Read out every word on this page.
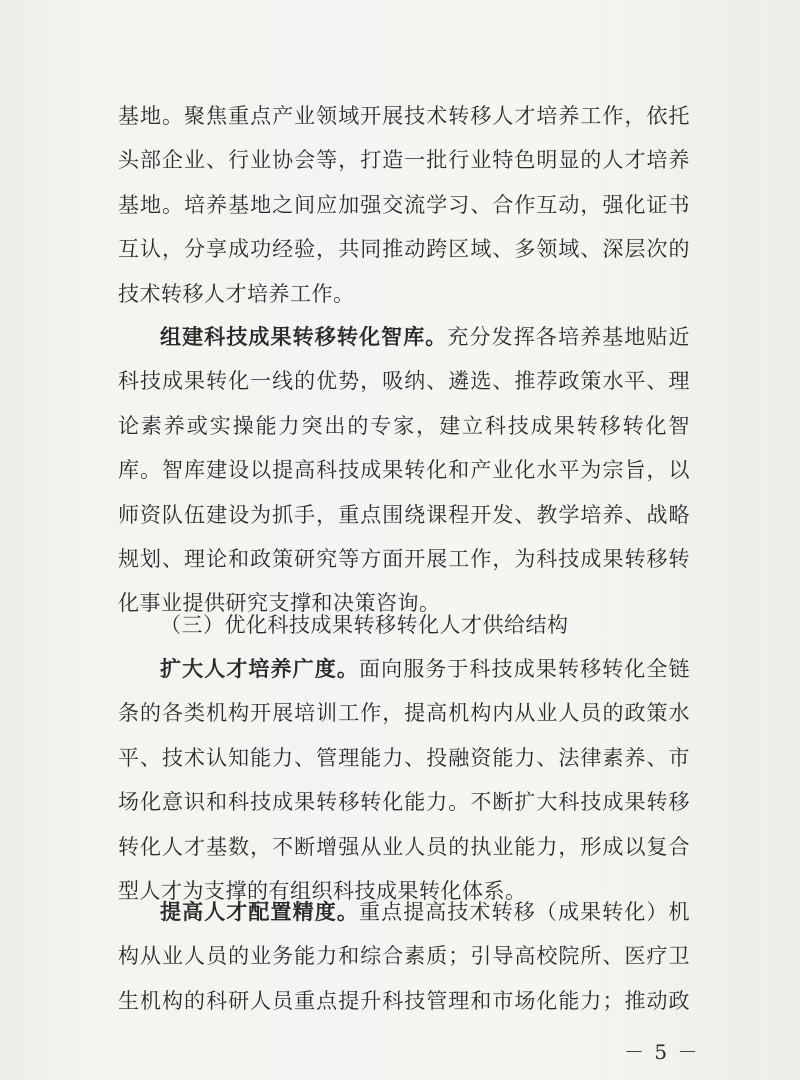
基地。聚焦重点产业领域开展技术转移人才培养工作，依托
头部企业、行业协会等，打造一批行业特色明显的人才培养
基地。培养基地之间应加强交流学习、合作互动，强化证书
互认，分享成功经验，共同推动跨区域、多领域、深层次的
技术转移人才培养工作。
组建科技成果转移转化智库。充分发挥各培养基地贴近
科技成果转化一线的优势，吸纳、遴选、推荐政策水平、理
论素养或实操能力突出的专家，建立科技成果转移转化智
库。智库建设以提高科技成果转化和产业化水平为宗旨，以
师资队伍建设为抓手，重点围绕课程开发、教学培养、战略
规划、理论和政策研究等方面开展工作，为科技成果转移转
化事业提供研究支撑和决策咨询。
（三）优化科技成果转移转化人才供给结构
扩大人才培养广度。面向服务于科技成果转移转化全链
条的各类机构开展培训工作，提高机构内从业人员的政策水
平、技术认知能力、管理能力、投融资能力、法律素养、市
场化意识和科技成果转移转化能力。不断扩大科技成果转移
转化人才基数，不断增强从业人员的执业能力，形成以复合
型人才为支撑的有组织科技成果转化体系。
提高人才配置精度。重点提高技术转移（成果转化）机
构从业人员的业务能力和综合素质；引导高校院所、医疗卫
生机构的科研人员重点提升科技管理和市场化能力；推动政
－ 5 －
